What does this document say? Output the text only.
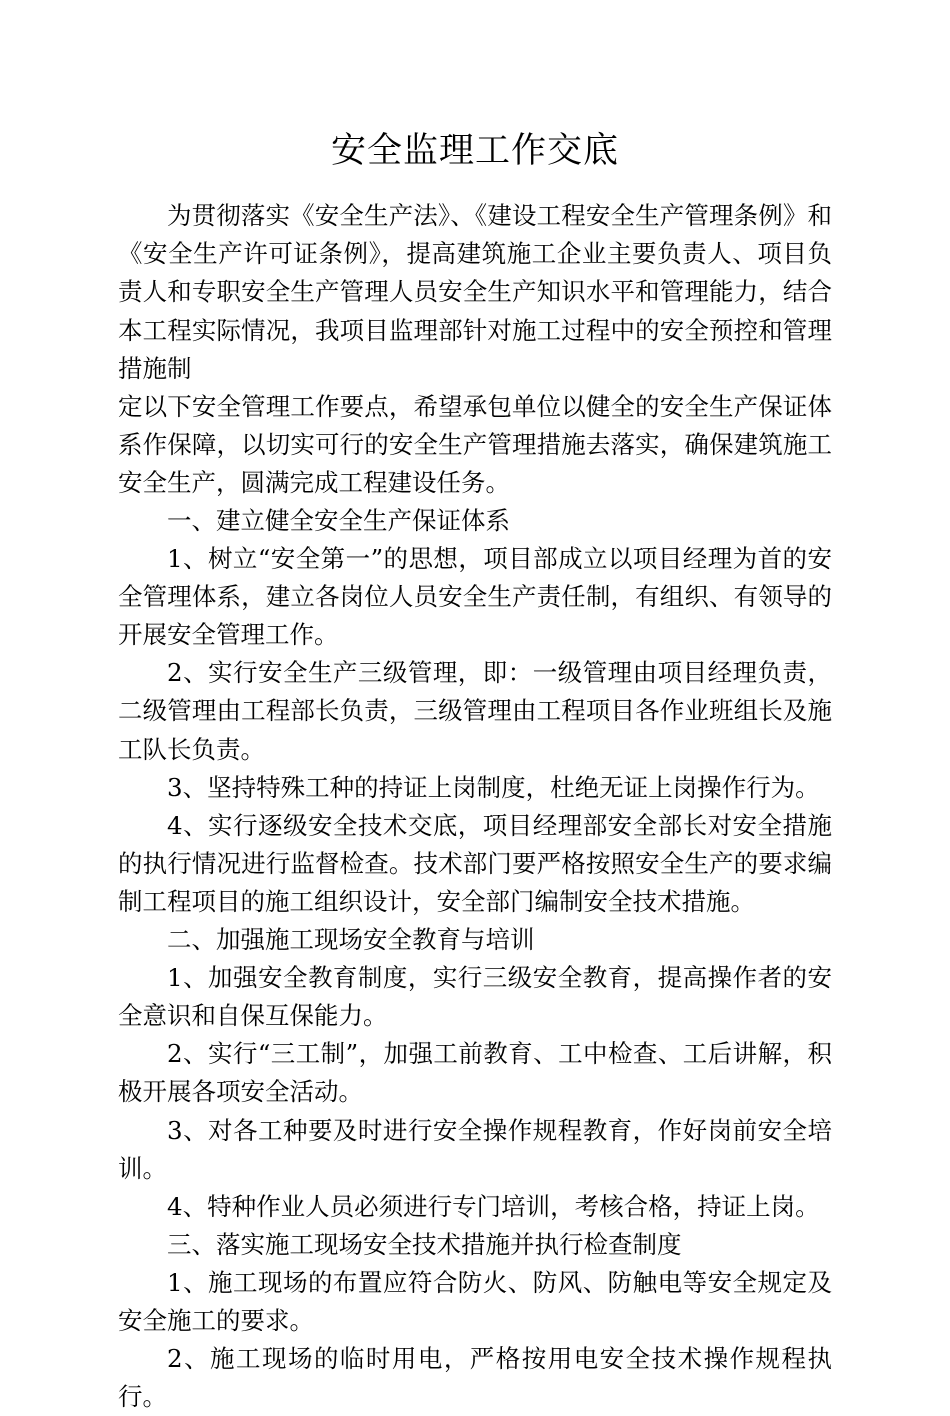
安全监理工作交底

为贯彻落实《安全生产法》、《建设工程安全生产管理条例》和《安全生产许可证条例》，提高建筑施工企业主要负责人、项目负责人和专职安全生产管理人员安全生产知识水平和管理能力，结合本工程实际情况，我项目监理部针对施工过程中的安全预控和管理措施制

定以下安全管理工作要点，希望承包单位以健全的安全生产保证体系作保障，以切实可行的安全生产管理措施去落实，确保建筑施工安全生产，圆满完成工程建设任务。

一、建立健全安全生产保证体系

1、树立“安全第一”的思想，项目部成立以项目经理为首的安全管理体系，建立各岗位人员安全生产责任制，有组织、有领导的开展安全管理工作。

2、实行安全生产三级管理，即：一级管理由项目经理负责，二级管理由工程部长负责，三级管理由工程项目各作业班组长及施工队长负责。

3、坚持特殊工种的持证上岗制度，杜绝无证上岗操作行为。

4、实行逐级安全技术交底，项目经理部安全部长对安全措施的执行情况进行监督检查。技术部门要严格按照安全生产的要求编制工程项目的施工组织设计，安全部门编制安全技术措施。

二、加强施工现场安全教育与培训

1、加强安全教育制度，实行三级安全教育，提高操作者的安全意识和自保互保能力。

2、实行“三工制”，加强工前教育、工中检查、工后讲解，积极开展各项安全活动。

3、对各工种要及时进行安全操作规程教育，作好岗前安全培训。

4、特种作业人员必须进行专门培训，考核合格，持证上岗。

三、落实施工现场安全技术措施并执行检查制度

1、施工现场的布置应符合防火、防风、防触电等安全规定及安全施工的要求。

2、施工现场的临时用电，严格按用电安全技术操作规程执行。
